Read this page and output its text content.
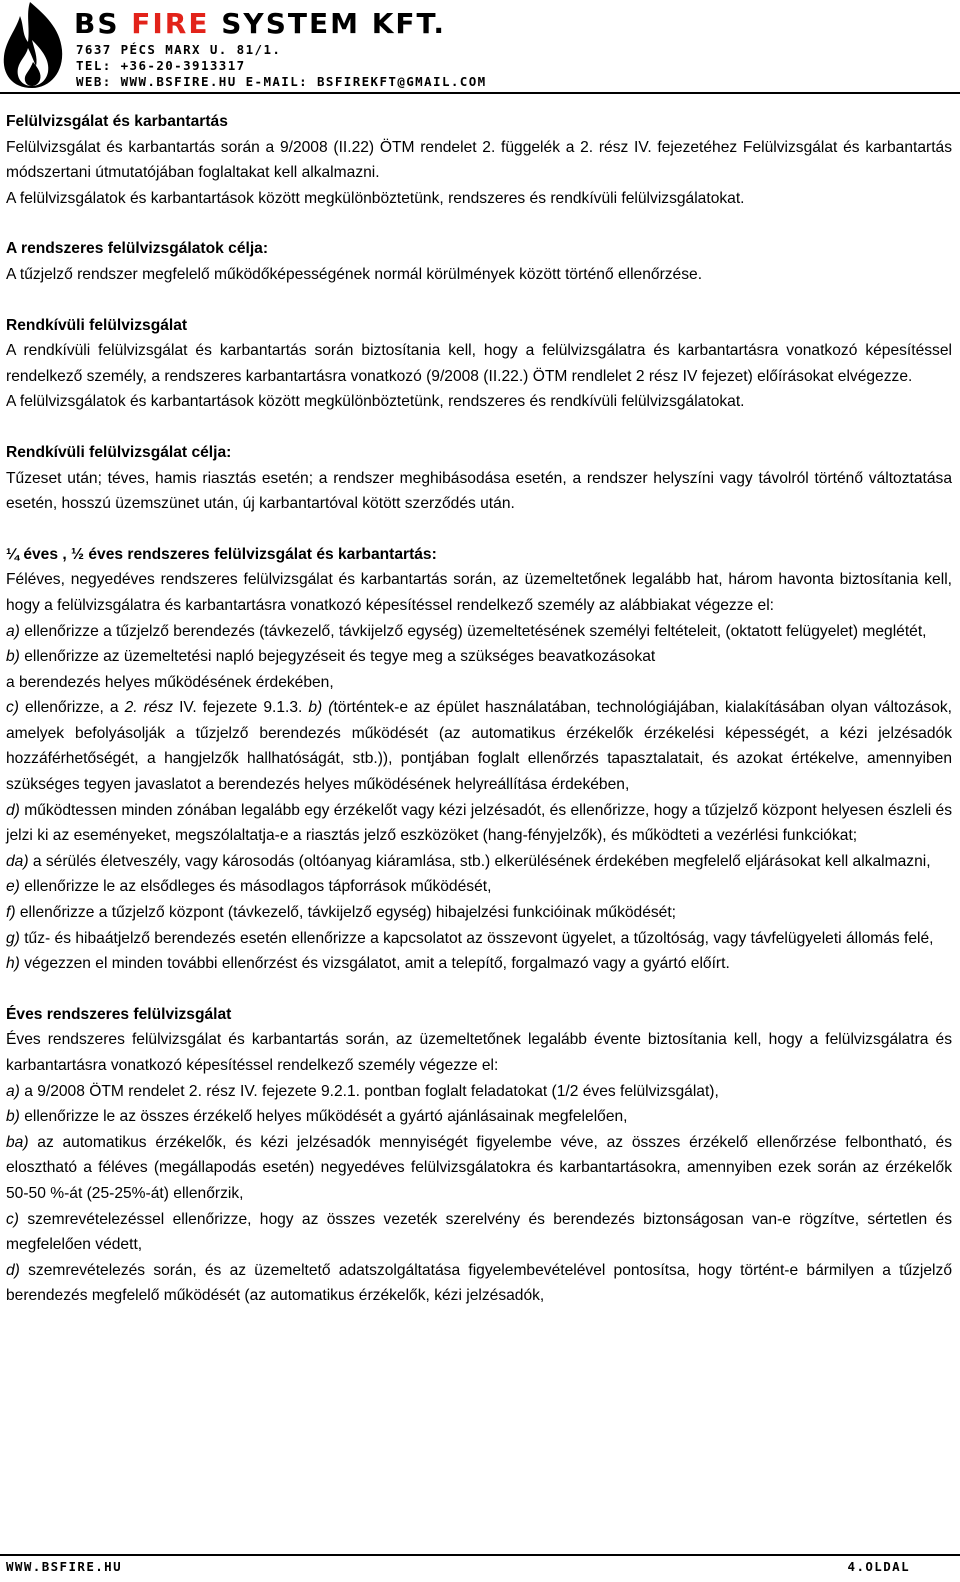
BS FIRE SYSTEM KFT.
7637 PÉCS MARX U. 81/1.
TEL: +36-20-3913317
WEB: WWW.BSFIRE.HU E-MAIL: BSFIREKFT@GMAIL.COM

Felülvizsgálat és karbantartás

Felülvizsgálat és karbantartás során a 9/2008 (II.22) ÖTM rendelet 2. függelék a 2. rész IV. fejezetéhez Felülvizsgálat és karbantartás módszertani útmutatójában foglaltakat kell alkalmazni.

A felülvizsgálatok és karbantartások között megkülönböztetünk, rendszeres és rendkívüli felülvizsgálatokat.

A rendszeres felülvizsgálatok célja:

A tűzjelző rendszer megfelelő működőképességének normál körülmények között történő ellenőrzése.

Rendkívüli felülvizsgálat

A rendkívüli felülvizsgálat és karbantartás során biztosítania kell, hogy a felülvizsgálatra és karbantartásra vonatkozó képesítéssel rendelkező személy, a rendszeres karbantartásra vonatkozó (9/2008 (II.22.) ÖTM rendlelet 2 rész IV fejezet) előírásokat elvégezze.

A felülvizsgálatok és karbantartások között megkülönböztetünk, rendszeres és rendkívüli felülvizsgálatokat.

Rendkívüli felülvizsgálat célja:

Tűzeset után; téves, hamis riasztás esetén; a rendszer meghibásodása esetén, a rendszer helyszíni vagy távolról történő változtatása esetén, hosszú üzemszünet után, új karbantartóval kötött szerződés után.

¼ éves , ½ éves rendszeres felülvizsgálat és karbantartás:

Féléves, negyedéves rendszeres felülvizsgálat és karbantartás során, az üzemeltetőnek legalább hat, három havonta biztosítania kell, hogy a felülvizsgálatra és karbantartásra vonatkozó képesítéssel rendelkező személy az alábbiakat végezze el:

a) ellenőrizze a tűzjelző berendezés (távkezelő, távkijelző egység) üzemeltetésének személyi feltételeit, (oktatott felügyelet) meglétét,

b) ellenőrizze az üzemeltetési napló bejegyzéseit és tegye meg a szükséges beavatkozásokat

a berendezés helyes működésének érdekében,

c) ellenőrizze, a 2. rész IV. fejezete 9.1.3. b) (történtek-e az épület használatában, technológiájában, kialakításában olyan változások, amelyek befolyásolják a tűzjelző berendezés működését (az automatikus érzékelők érzékelési képességét, a kézi jelzésadók hozzáférhetőségét, a hangjelzők hallhatóságát, stb.)), pontjában foglalt ellenőrzés tapasztalatait, és azokat értékelve, amennyiben szükséges tegyen javaslatot a berendezés helyes működésének helyreállítása érdekében,

d) működtessen minden zónában legalább egy érzékelőt vagy kézi jelzésadót, és ellenőrizze, hogy a tűzjelző központ helyesen észleli és jelzi ki az eseményeket, megszólaltatja-e a riasztás jelző eszközöket (hang-fényjelzők), és működteti a vezérlési funkciókat;

da) a sérülés életveszély, vagy károsodás (oltóanyag kiáramlása, stb.) elkerülésének érdekében megfelelő eljárásokat kell alkalmazni,

e) ellenőrizze le az elsődleges és másodlagos tápforrások működését,

f) ellenőrizze a tűzjelző központ (távkezelő, távkijelző egység) hibajelzési funkcióinak működését;

g) tűz- és hibaátjelző berendezés esetén ellenőrizze a kapcsolatot az összevont ügyelet, a tűzoltóság, vagy távfelügyeleti állomás felé,

h) végezzen el minden további ellenőrzést és vizsgálatot, amit a telepítő, forgalmazó vagy a gyártó előírt.

Éves rendszeres felülvizsgálat

Éves rendszeres felülvizsgálat és karbantartás során, az üzemeltetőnek legalább évente biztosítania kell, hogy a felülvizsgálatra és karbantartásra vonatkozó képesítéssel rendelkező személy végezze el:

a) a 9/2008 ÖTM rendelet 2. rész IV. fejezete 9.2.1. pontban foglalt feladatokat (1/2 éves felülvizsgálat),

b) ellenőrizze le az összes érzékelő helyes működését a gyártó ajánlásainak megfelelően,

ba) az automatikus érzékelők, és kézi jelzésadók mennyiségét figyelembe véve, az összes érzékelő ellenőrzése felbontható, és elosztható a féléves (megállapodás esetén) negyedéves felülvizsgálatokra és karbantartásokra, amennyiben ezek során az érzékelők 50-50 %-át (25-25%-át) ellenőrzik,

c) szemrevételezéssel ellenőrizze, hogy az összes vezeték szerelvény és berendezés biztonságosan van-e rögzítve, sértetlen és megfelelően védett,

d) szemrevételezés során, és az üzemeltető adatszolgáltatása figyelembevételével pontosítsa, hogy történt-e bármilyen a tűzjelző berendezés megfelelő működését (az automatikus érzékelők, kézi jelzésadók,

WWW.BSFIRE.HU	4.OLDAL
